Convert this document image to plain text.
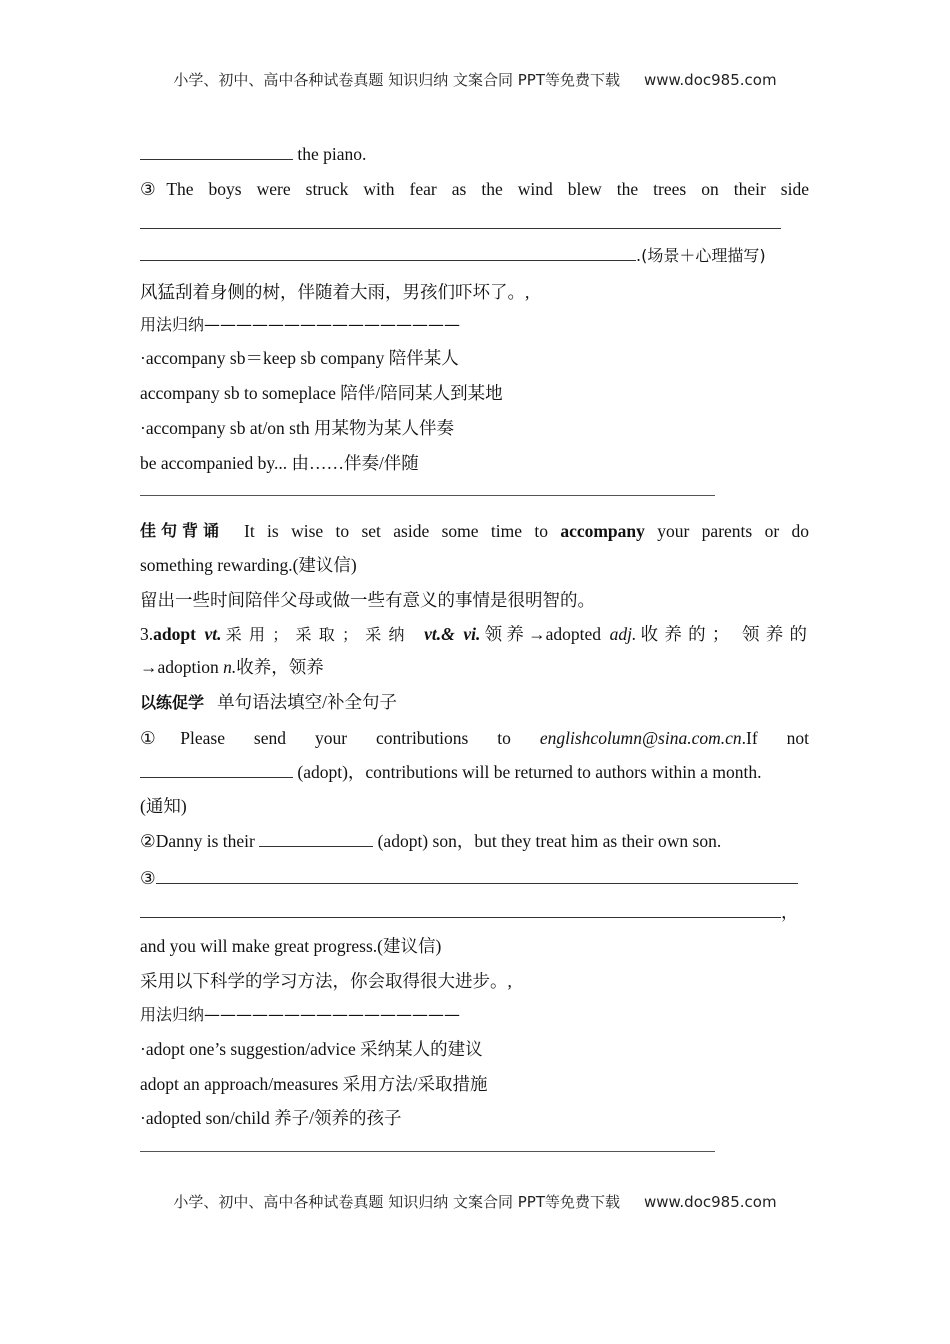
小学、初中、高中各种试卷真题 知识归纳 文案合同 PPT等免费下载 www.doc985.com
the piano.
③The boys were struck with fear as the wind blew the trees on their side
.(场景＋心理描写)
风猛刮着身侧的树，伴随着大雨，男孩们吓坏了。,
用法归纳————————————————
·accompany sb＝keep sb company 陪伴某人
accompany sb to someplace 陪伴/陪同某人到某地
·accompany sb at/on sth 用某物为某人伴奏
be accompanied by... 由……伴奏/伴随
佳句背诵 It is wise to set aside some time to accompany your parents or do
something rewarding.(建议信)
留出一些时间陪伴父母或做一些有意义的事情是很明智的。
3.adopt vt.采用；采取；采纳 vt.& vi.领养→adopted adj.收养的； 领养的
→adoption n.收养，领养
以练促学 单句语法填空/补全句子
①Please send your contributions to englishcolumn@sina.com.cn.If not
(adopt)，contributions will be returned to authors within a month.
(通知)
②Danny is their	(adopt) son，but they treat him as their own son.
③
，
and you will make great progress.(建议信)
采用以下科学的学习方法，你会取得很大进步。,
用法归纳————————————————
·adopt one’s suggestion/advice 采纳某人的建议
adopt an approach/measures 采用方法/采取措施
·adopted son/child 养子/领养的孩子
小学、初中、高中各种试卷真题 知识归纳 文案合同 PPT等免费下载 www.doc985.com
